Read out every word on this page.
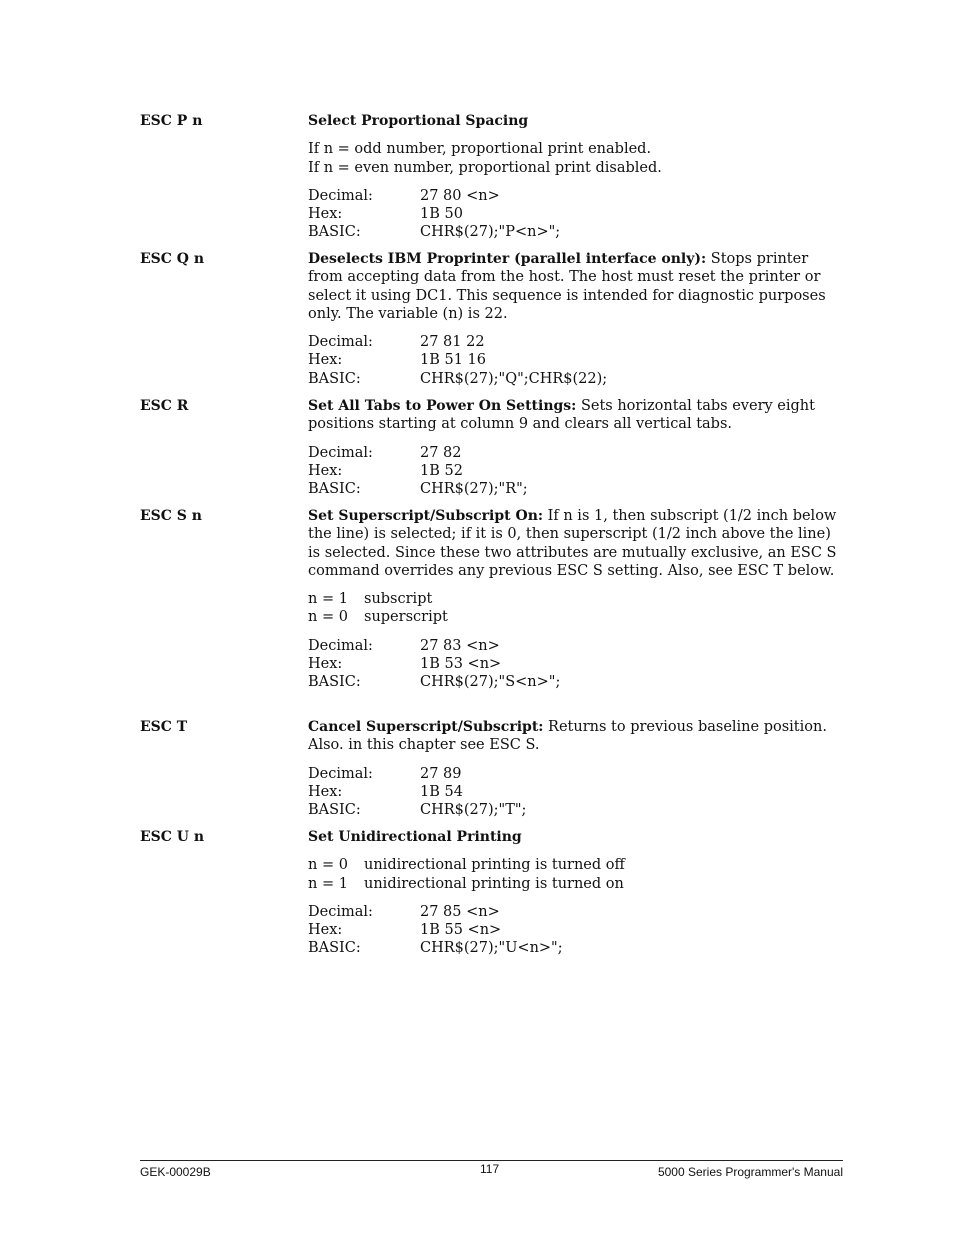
ESC P n	Select Proportional Spacing

If n = odd number, proportional print enabled.
If n = even number, proportional print disabled.

Decimal:	27 80 <n>
Hex:	1B 50
BASIC:	CHR$(27);"P<n>";
ESC Q n	Deselects IBM Proprinter (parallel interface only): Stops printer from accepting data from the host. The host must reset the printer or select it using DC1. This sequence is intended for diagnostic purposes only. The variable (n) is 22.

Decimal:	27 81 22
Hex:	1B 51 16
BASIC:	CHR$(27);"Q";CHR$(22);
ESC R	Set All Tabs to Power On Settings: Sets horizontal tabs every eight positions starting at column 9 and clears all vertical tabs.

Decimal:	27 82
Hex:	1B 52
BASIC:	CHR$(27);"R";
ESC S n	Set Superscript/Subscript On: If n is 1, then subscript (1/2 inch below the line) is selected; if it is 0, then superscript (1/2 inch above the line) is selected. Since these two attributes are mutually exclusive, an ESC S command overrides any previous ESC S setting. Also, see ESC T below.

n = 1	subscript
n = 0	superscript
Decimal:	27 83 <n>
Hex:	1B 53 <n>
BASIC:	CHR$(27);"S<n>";
ESC T	Cancel Superscript/Subscript: Returns to previous baseline position. Also. in this chapter see ESC S.

Decimal:	27 89
Hex:	1B 54
BASIC:	CHR$(27);"T";
ESC U n	Set Unidirectional Printing

n = 0	unidirectional printing is turned off
n = 1	unidirectional printing is turned on
Decimal:	27 85 <n>
Hex:	1B 55 <n>
BASIC:	CHR$(27);"U<n>";
GEK-00029B	117	5000 Series Programmer's Manual
